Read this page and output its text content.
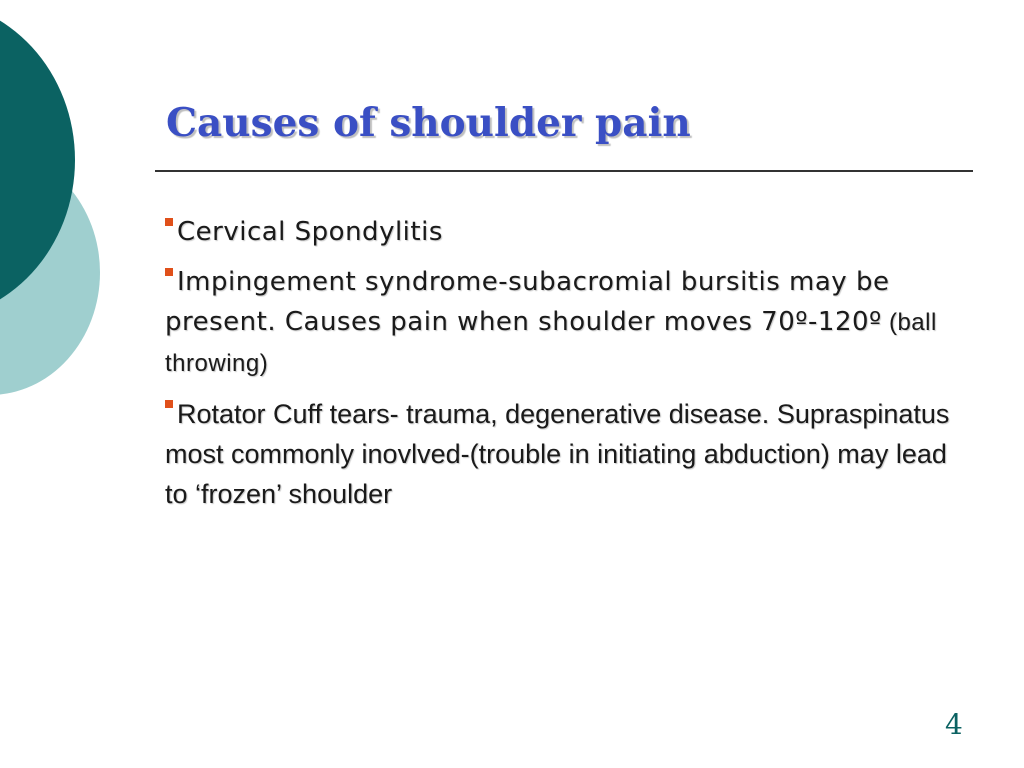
Causes of shoulder pain
Cervical Spondylitis
Impingement syndrome-subacromial bursitis may be present. Causes pain when shoulder moves 70º-120º (ball throwing)
Rotator Cuff tears- trauma, degenerative disease. Supraspinatus most commonly inovlved-(trouble in initiating abduction) may lead to ‘frozen’ shoulder
4
